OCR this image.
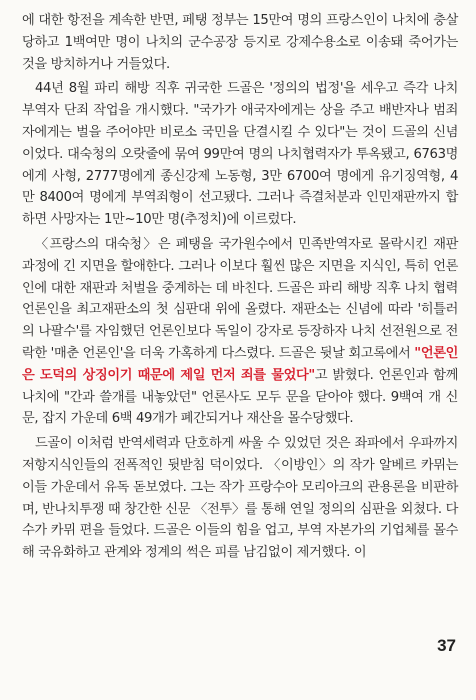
에 대한 항전을 계속한 반면, 페탱 정부는 15만여 명의 프랑스인이 나치에 충살당하고 1백여만 명이 나치의 군수공장 등지로 강제수용소로 이송돼 죽어가는 것을 방치하거나 거들었다.

44년 8월 파리 해방 직후 귀국한 드골은 '정의의 법정'을 세우고 즉각 나치 부역자 단죄 작업을 개시했다. "국가가 애국자에게는 상을 주고 배반자나 범죄자에게는 벌을 주어야만 비로소 국민을 단결시킬 수 있다"는 것이 드골의 신념이었다. 대숙청의 오랏줄에 묶여 99만여 명의 나치협력자가 투옥됐고, 6763명에게 사형, 2777명에게 종신강제 노동형, 3만 6700여 명에게 유기징역형, 4만 8400여 명에게 부역죄형이 선고됐다. 그러나 즉결처분과 인민재판까지 합하면 사망자는 1만~10만 명(추정치)에 이르렀다.

〈프랑스의 대숙청〉은 페탱을 국가원수에서 민족반역자로 몰락시킨 재판 과정에 긴 지면을 할애한다. 그러나 이보다 훨씬 많은 지면을 지식인, 특히 언론인에 대한 재판과 처벌을 중계하는 데 바친다. 드골은 파리 해방 직후 나치 협력 언론인을 최고재판소의 첫 심판대 위에 올렸다. 재판소는 신념에 따라 '히틀러의 나팔수'를 자임했던 언론인보다 독일이 강자로 등장하자 나치 선전원으로 전락한 '매춘 언론인'을 더욱 가혹하게 다스렸다. 드골은 뒷날 회고록에서 "언론인은 도덕의 상징이기 때문에 제일 먼저 죄를 물었다"고 밝혔다. 언론인과 함께 나치에 "간과 쓸개를 내놓았던" 언론사도 모두 문을 닫아야 했다. 9백여 개 신문, 잡지 가운데 6백 49개가 폐간되거나 재산을 몰수당했다.

드골이 이처럼 반역세력과 단호하게 싸울 수 있었던 것은 좌파에서 우파까지 저항지식인들의 전폭적인 뒷받침 덕이었다. 〈이방인〉의 작가 알베르 카뮈는 이들 가운데서 유독 돋보였다. 그는 작가 프랑수아 모리아크의 관용론을 비판하며, 반나치투쟁 때 창간한 신문 〈전투〉를 통해 연일 정의의 심판을 외쳤다. 다수가 카뮈 편을 들었다. 드골은 이들의 힘을 업고, 부역 자본가의 기업체를 몰수해 국유화하고 관계와 정계의 썩은 피를 남김없이 제거했다. 이

37
